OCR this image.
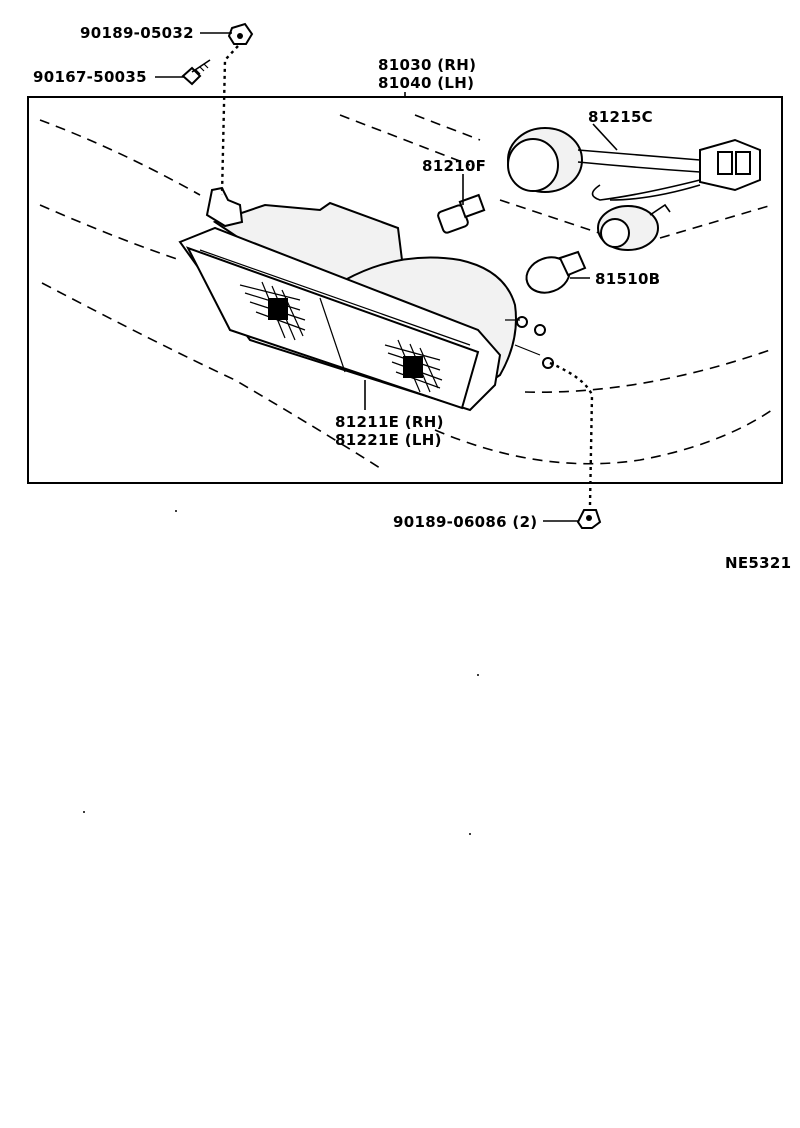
90189-05032
90167-50035
81030 (RH)
81040 (LH)
81215C
81210F
81510B
81211E (RH)
81221E (LH)
90189-06086 (2)
NE5321
